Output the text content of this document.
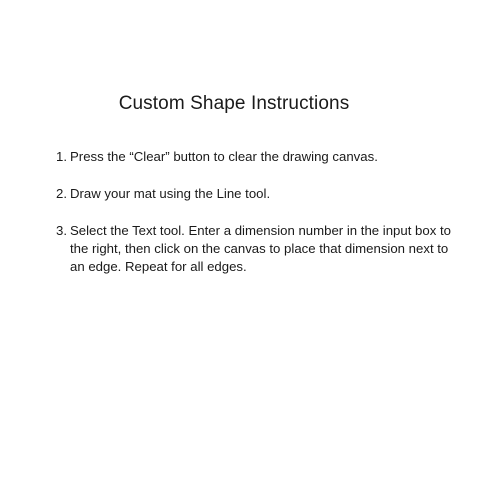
Custom Shape Instructions
1. Press the “Clear” button to clear the drawing canvas.
2. Draw your mat using the Line tool.
3. Select the Text tool. Enter a dimension number in the input box to the right, then click on the canvas to place that dimension next to an edge. Repeat for all edges.
